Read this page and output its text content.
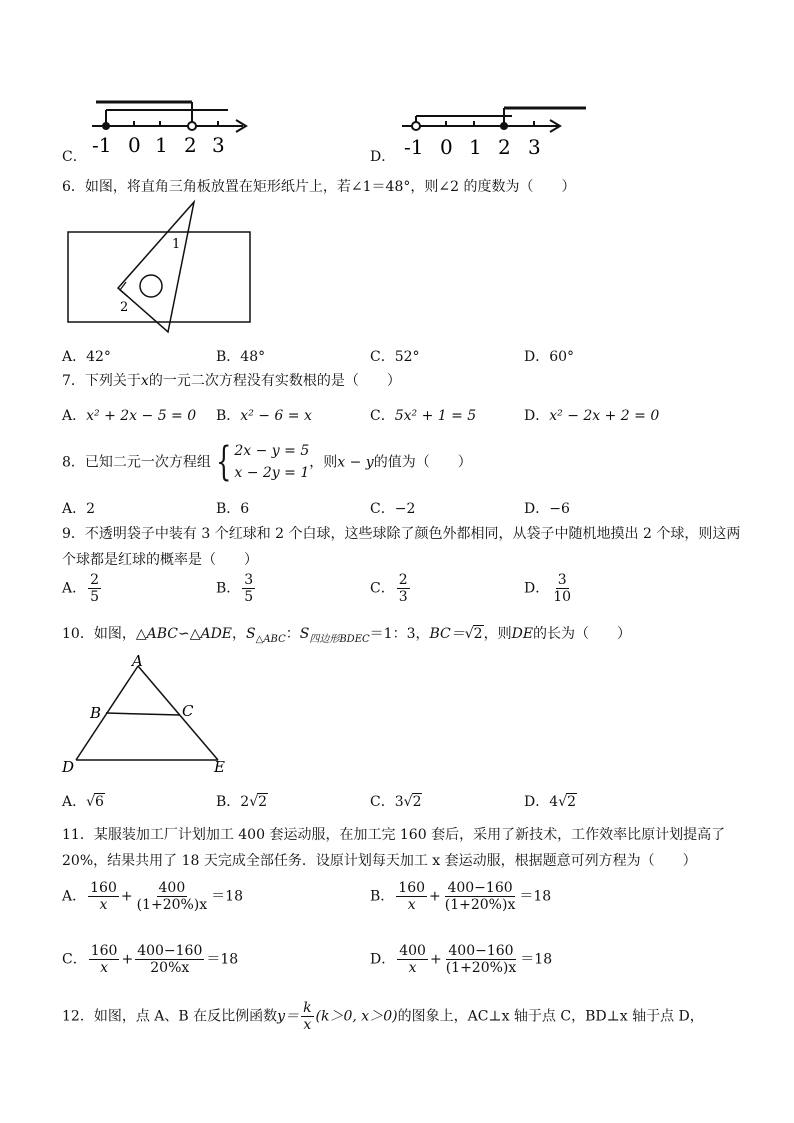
C． -1 0 1 2 3	D． -1 0 1 2 3
6．如图，将直角三角板放置在矩形纸片上，若∠1＝48°，则∠2 的度数为（　　）
1
2
A．42°	B．48°	C．52°	D．60°
7．下列关于x的一元二次方程没有实数根的是（　　）
A．x² + 2x − 5 = 0 B．x² − 6 = x	C．5x² + 1 = 5	D．x² − 2x + 2 = 0
8．已知二元一次方程组 { 2x − y = 5
x − 2y = 1
，则x − y的值为（　　）
A．2	B．6	C．−2	D．−6
9．不透明袋子中装有 3 个红球和 2 个白球，这些球除了颜色外都相同，从袋子中随机地摸出 2 个球，则这两
个球都是红球的概率是（　　）
A． $\frac{2}{5}$	B． $\frac{3}{5}$	C． $\frac{2}{3}$	D． $\frac{3}{10}$
10．如图，△ABC∽△ADE，$S_{\triangle ABC}$：$S_{四边形BDEC}=1$：3，BC＝√2，则DE的长为（　　）
A
B	C
D	E
A．√6	B．2√2	C．3√2	D．4√2
11．某服装加工厂计划加工 400 套运动服，在加工完 160 套后，采用了新技术，工作效率比原计划提高了
20%，结果共用了 18 天完成全部任务．设原计划每天加工 x 套运动服，根据题意可列方程为（　　）
A． $\frac{160}{x} + \frac{400}{(1+20\%)x} =18$	B． $\frac{160}{x} + \frac{400-160}{(1+20\%)x} =18$
C． $\frac{160}{x} + \frac{400-160}{20\%x} =18$	D． $\frac{400}{x} + \frac{400-160}{(1+20\%)x} =18$
12．如图，点 A、B 在反比例函数$y= \frac{k}{x} (k>0$, x＞0)的图象上，AC⊥x 轴于点 C，BD⊥x 轴于点 D，
